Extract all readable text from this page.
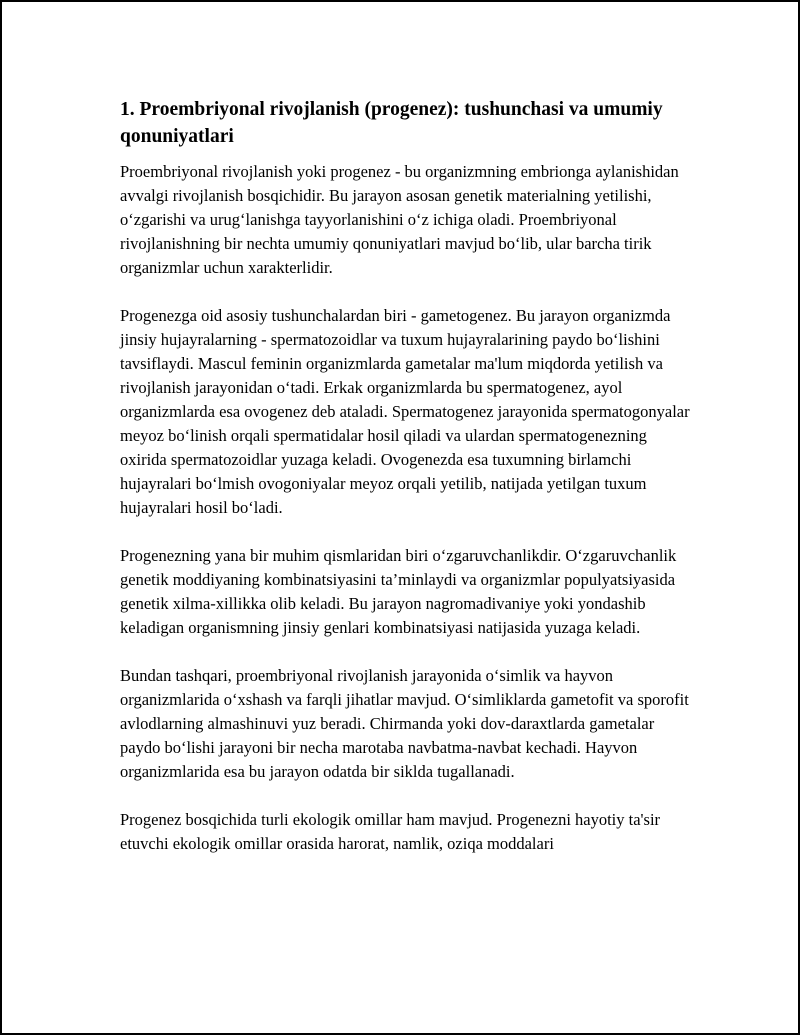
1. Proembriyonal rivojlanish (progenez): tushunchasi va umumiy qonuniyatlari

Proembriyonal rivojlanish yoki progenez - bu organizmning embrionga aylanishidan avvalgi rivojlanish bosqichidir. Bu jarayon asosan genetik materialning yetilishi, o‘zgarishi va urug‘lanishga tayyorlanishini o‘z ichiga oladi. Proembriyonal rivojlanishning bir nechta umumiy qonuniyatlari mavjud bo‘lib, ular barcha tirik organizmlar uchun xarakterlidir.

Progenezga oid asosiy tushunchalardan biri - gametogenez. Bu jarayon organizmda jinsiy hujayralarning - spermatozoidlar va tuxum hujayralarining paydo bo‘lishini tavsiflaydi. Mascul feminin organizmlarda gametalar ma'lum miqdorda yetilish va rivojlanish jarayonidan o‘tadi. Erkak organizmlarda bu spermatogenez, ayol organizmlarda esa ovogenez deb ataladi. Spermatogenez jarayonida spermatogonyalar meyoz bo‘linish orqali spermatidalar hosil qiladi va ulardan spermatogenezning oxirida spermatozoidlar yuzaga keladi. Ovogenezda esa tuxumning birlamchi hujayralari bo‘lmish ovogoniyalar meyoz orqali yetilib, natijada yetilgan tuxum hujayralari hosil bo‘ladi.

Progenezning yana bir muhim qismlaridan biri o‘zgaruvchanlikdir. O‘zgaruvchanlik genetik moddiyaning kombinatsiyasini ta’minlaydi va organizmlar populyatsiyasida genetik xilma-xillikka olib keladi. Bu jarayon nagromadivaniye yoki yondashib keladigan organismning jinsiy genlari kombinatsiyasi natijasida yuzaga keladi.

Bundan tashqari, proembriyonal rivojlanish jarayonida o‘simlik va hayvon organizmlarida o‘xshash va farqli jihatlar mavjud. O‘simliklarda gametofit va sporofit avlodlarning almashinuvi yuz beradi. Chirmanda yoki dov-daraxtlarda gametalar paydo bo‘lishi jarayoni bir necha marotaba navbatma-navbat kechadi. Hayvon organizmlarida esa bu jarayon odatda bir siklda tugallanadi.

Progenez bosqichida turli ekologik omillar ham mavjud. Progenezni hayotiy ta'sir etuvchi ekologik omillar orasida harorat, namlik, oziqa moddalari
